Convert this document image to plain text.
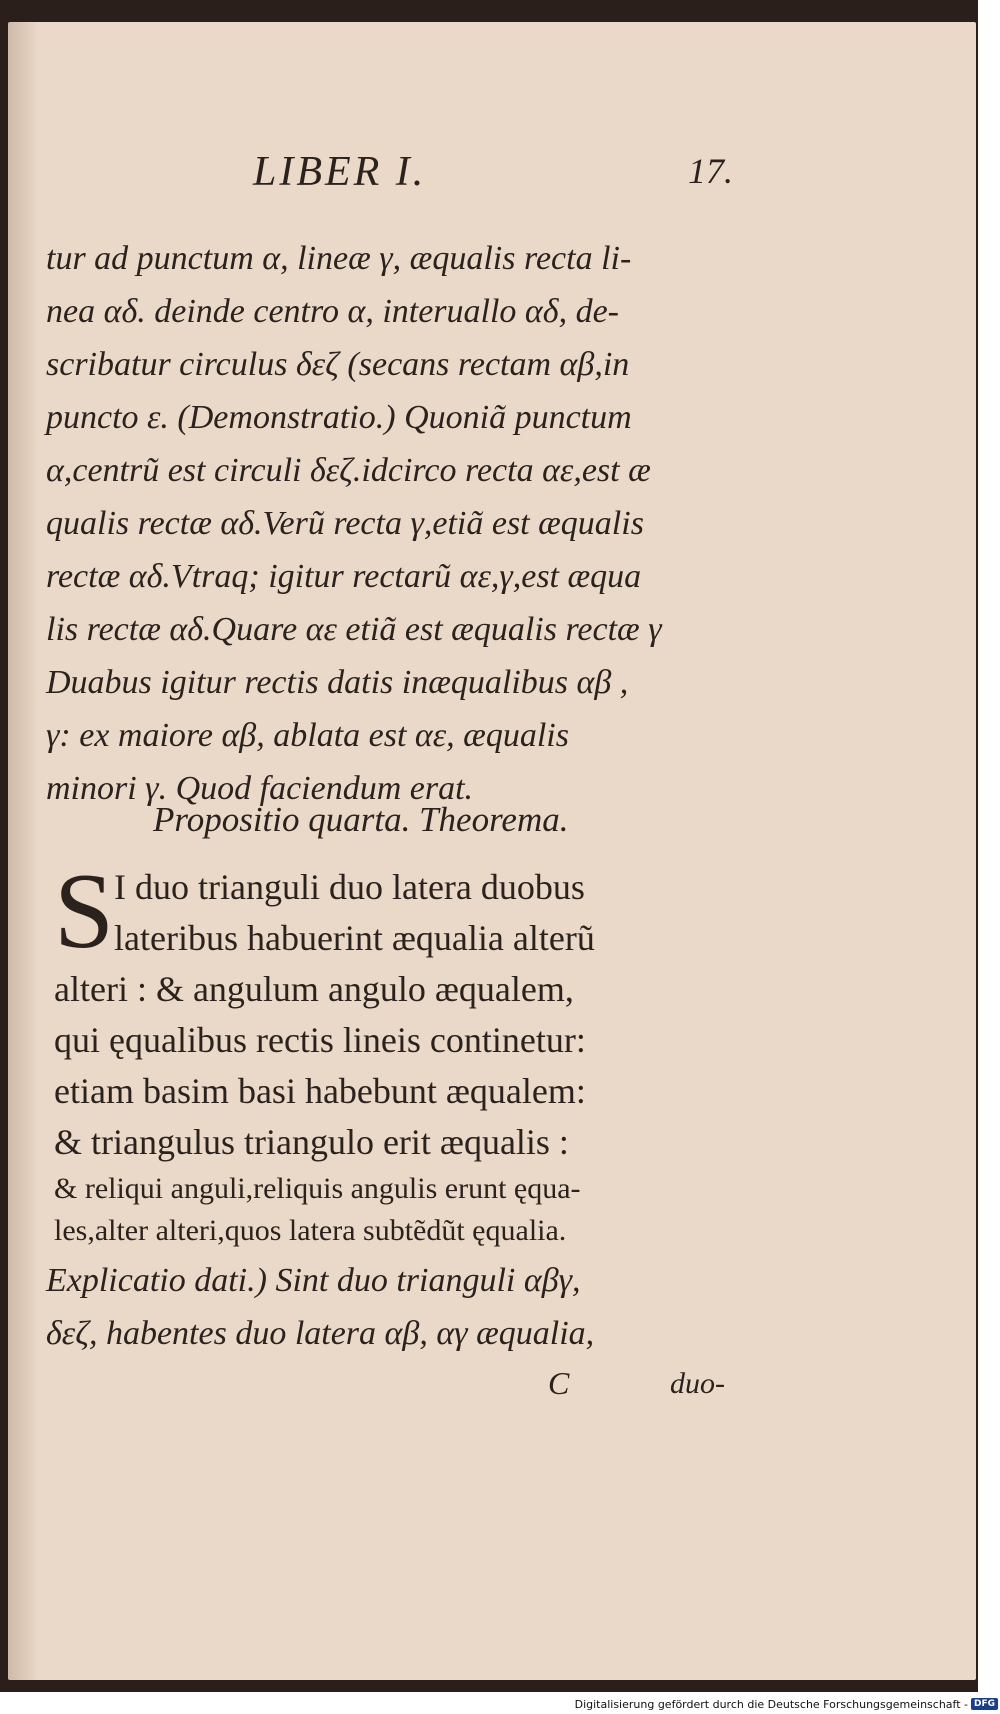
LIBER I.	17.
tur ad punctum α, lineæ γ, æqualis recta li-
nea αδ. deinde centro α, interuallo αδ, de-
scribatur circulus δεζ (secans rectam αβ,in
puncto ε. (Demonstratio.) Quoniã punctum
α,centrũ est circuli δεζ.idcirco recta αε,est æ
qualis rectæ αδ.Verũ recta γ,etiã est æqualis
rectæ αδ.Vtraq; igitur rectarũ αε,γ,est æqua
lis rectæ αδ.Quare αε etiã est æqualis rectæ γ
Duabus igitur rectis datis inæqualibus αβ ,
γ: ex maiore αβ, ablata est αε, æqualis
minori γ. Quod faciendum erat.
Propositio quarta. Theorema.
S I duo trianguli duo latera duobus
lateribus habuerint æqualia alterũ
alteri : & angulum angulo æqualem,
qui ęqualibus rectis lineis continetur:
etiam basim basi habebunt æqualem:
& triangulus triangulo erit æqualis :
& reliqui anguli,reliquis angulis erunt ęqua-
les,alter alteri,quos latera subtẽdũt ęqualia.
Explicatio dati.) Sint duo trianguli αβγ,
δεζ, habentes duo latera αβ, αγ æqualia,
C	duo-
Digitalisierung gefördert durch die Deutsche Forschungsgemeinschaft - DFG
